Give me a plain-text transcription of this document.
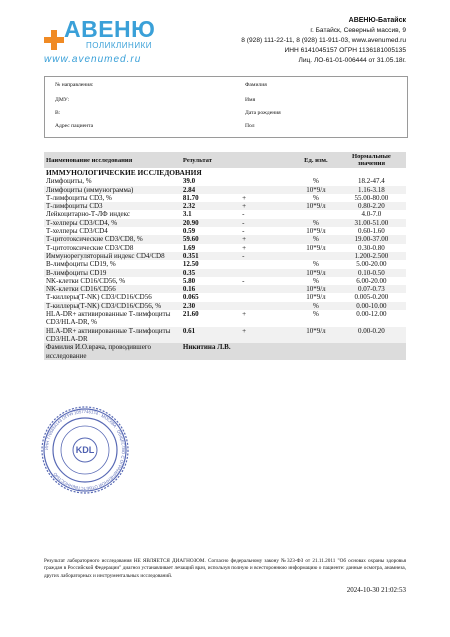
АВЕНЮ
ПОЛИКЛИНИКИ
www.avenumed.ru
АВЕНЮ-Батайск
г. Батайск, Северный массив, 9
8 (928) 111-22-11, 8 (928) 11-911-03, www.avenumed.ru
ИНН 6141045157 ОГРН 1136181005135
Лиц. ЛО-61-01-006444 от 31.05.18г.
№ направления:	Фамилия
ДМУ:	Имя
В:	Дата рождения
Адрес пациента	Пол
Наименование исследования	Результат		Ед. изм.	Нормальные значения
ИММУНОЛОГИЧЕСКИЕ ИССЛЕДОВАНИЯ				
Лимфоциты, %	39.0		%	18.2-47.4
Лимфоциты (иммунограмма)	2.84		10*9/л	1.16-3.18
Т-лимфоциты CD3, %	81.70	+	%	55.00-80.00
Т-лимфоциты CD3	2.32	+	10*9/л	0.80-2.20
Лейкоцитарно-Т-ЛФ индекс	3.1	-		4.0-7.0
Т-хелперы CD3/CD4, %	20.90	-	%	31.00-51.00
Т-хелперы CD3/CD4	0.59	-	10*9/л	0.60-1.60
Т-цитотоксические CD3/CD8, %	59.60	+	%	19.00-37.00
Т-цитотоксические CD3/CD8	1.69	+	10*9/л	0.30-0.80
Иммунорегуляторный индекс CD4/CD8	0.351	-		1.200-2.500
В-лимфоциты CD19, %	12.50		%	5.00-20.00
В-лимфоциты CD19	0.35		10*9/л	0.10-0.50
NK-клетки CD16/CD56, %	5.80	-	%	6.00-20.00
NK-клетки CD16/CD56	0.16		10*9/л	0.07-0.73
Т-киллеры(Т-NK) CD3/CD16/CD56	0.065		10*9/л	0.005-0.200
Т-киллеры(Т-NK) CD3/CD16/CD56, %	2.30		%	0.00-10.00
HLA-DR+ активированные Т-лимфоциты CD3/HLA-DR, %	21.60	+	%	0.00-12.00
HLA-DR+ активированные Т-лимфоциты CD3/HLA-DR	0.61	+	10*9/л	0.00-0.20
Фамилия И.О.врача, проводившего исследование	Никитина Л.В.			
ИНН 7705654143 ОГРН 1057746174 · МОСКВА · ОБЩЕСТВО С ОГРАНИЧЕННОЙ ОТВЕТСТВЕННОСТЬЮ
KDL
Результат лабораторного исследования НЕ ЯВЛЯЕТСЯ ДИАГНОЗОМ. Согласно федеральному закону №323-ФЗ от 21.11.2011 "Об основах охраны здоровья граждан в Российской Федерации" диагноз устанавливает лечащий врач, используя полную и всестороннюю информацию о пациенте: данные осмотра, анамнеза, других лабораторных и инструментальных исследований.
2024-10-30 21:02:53
